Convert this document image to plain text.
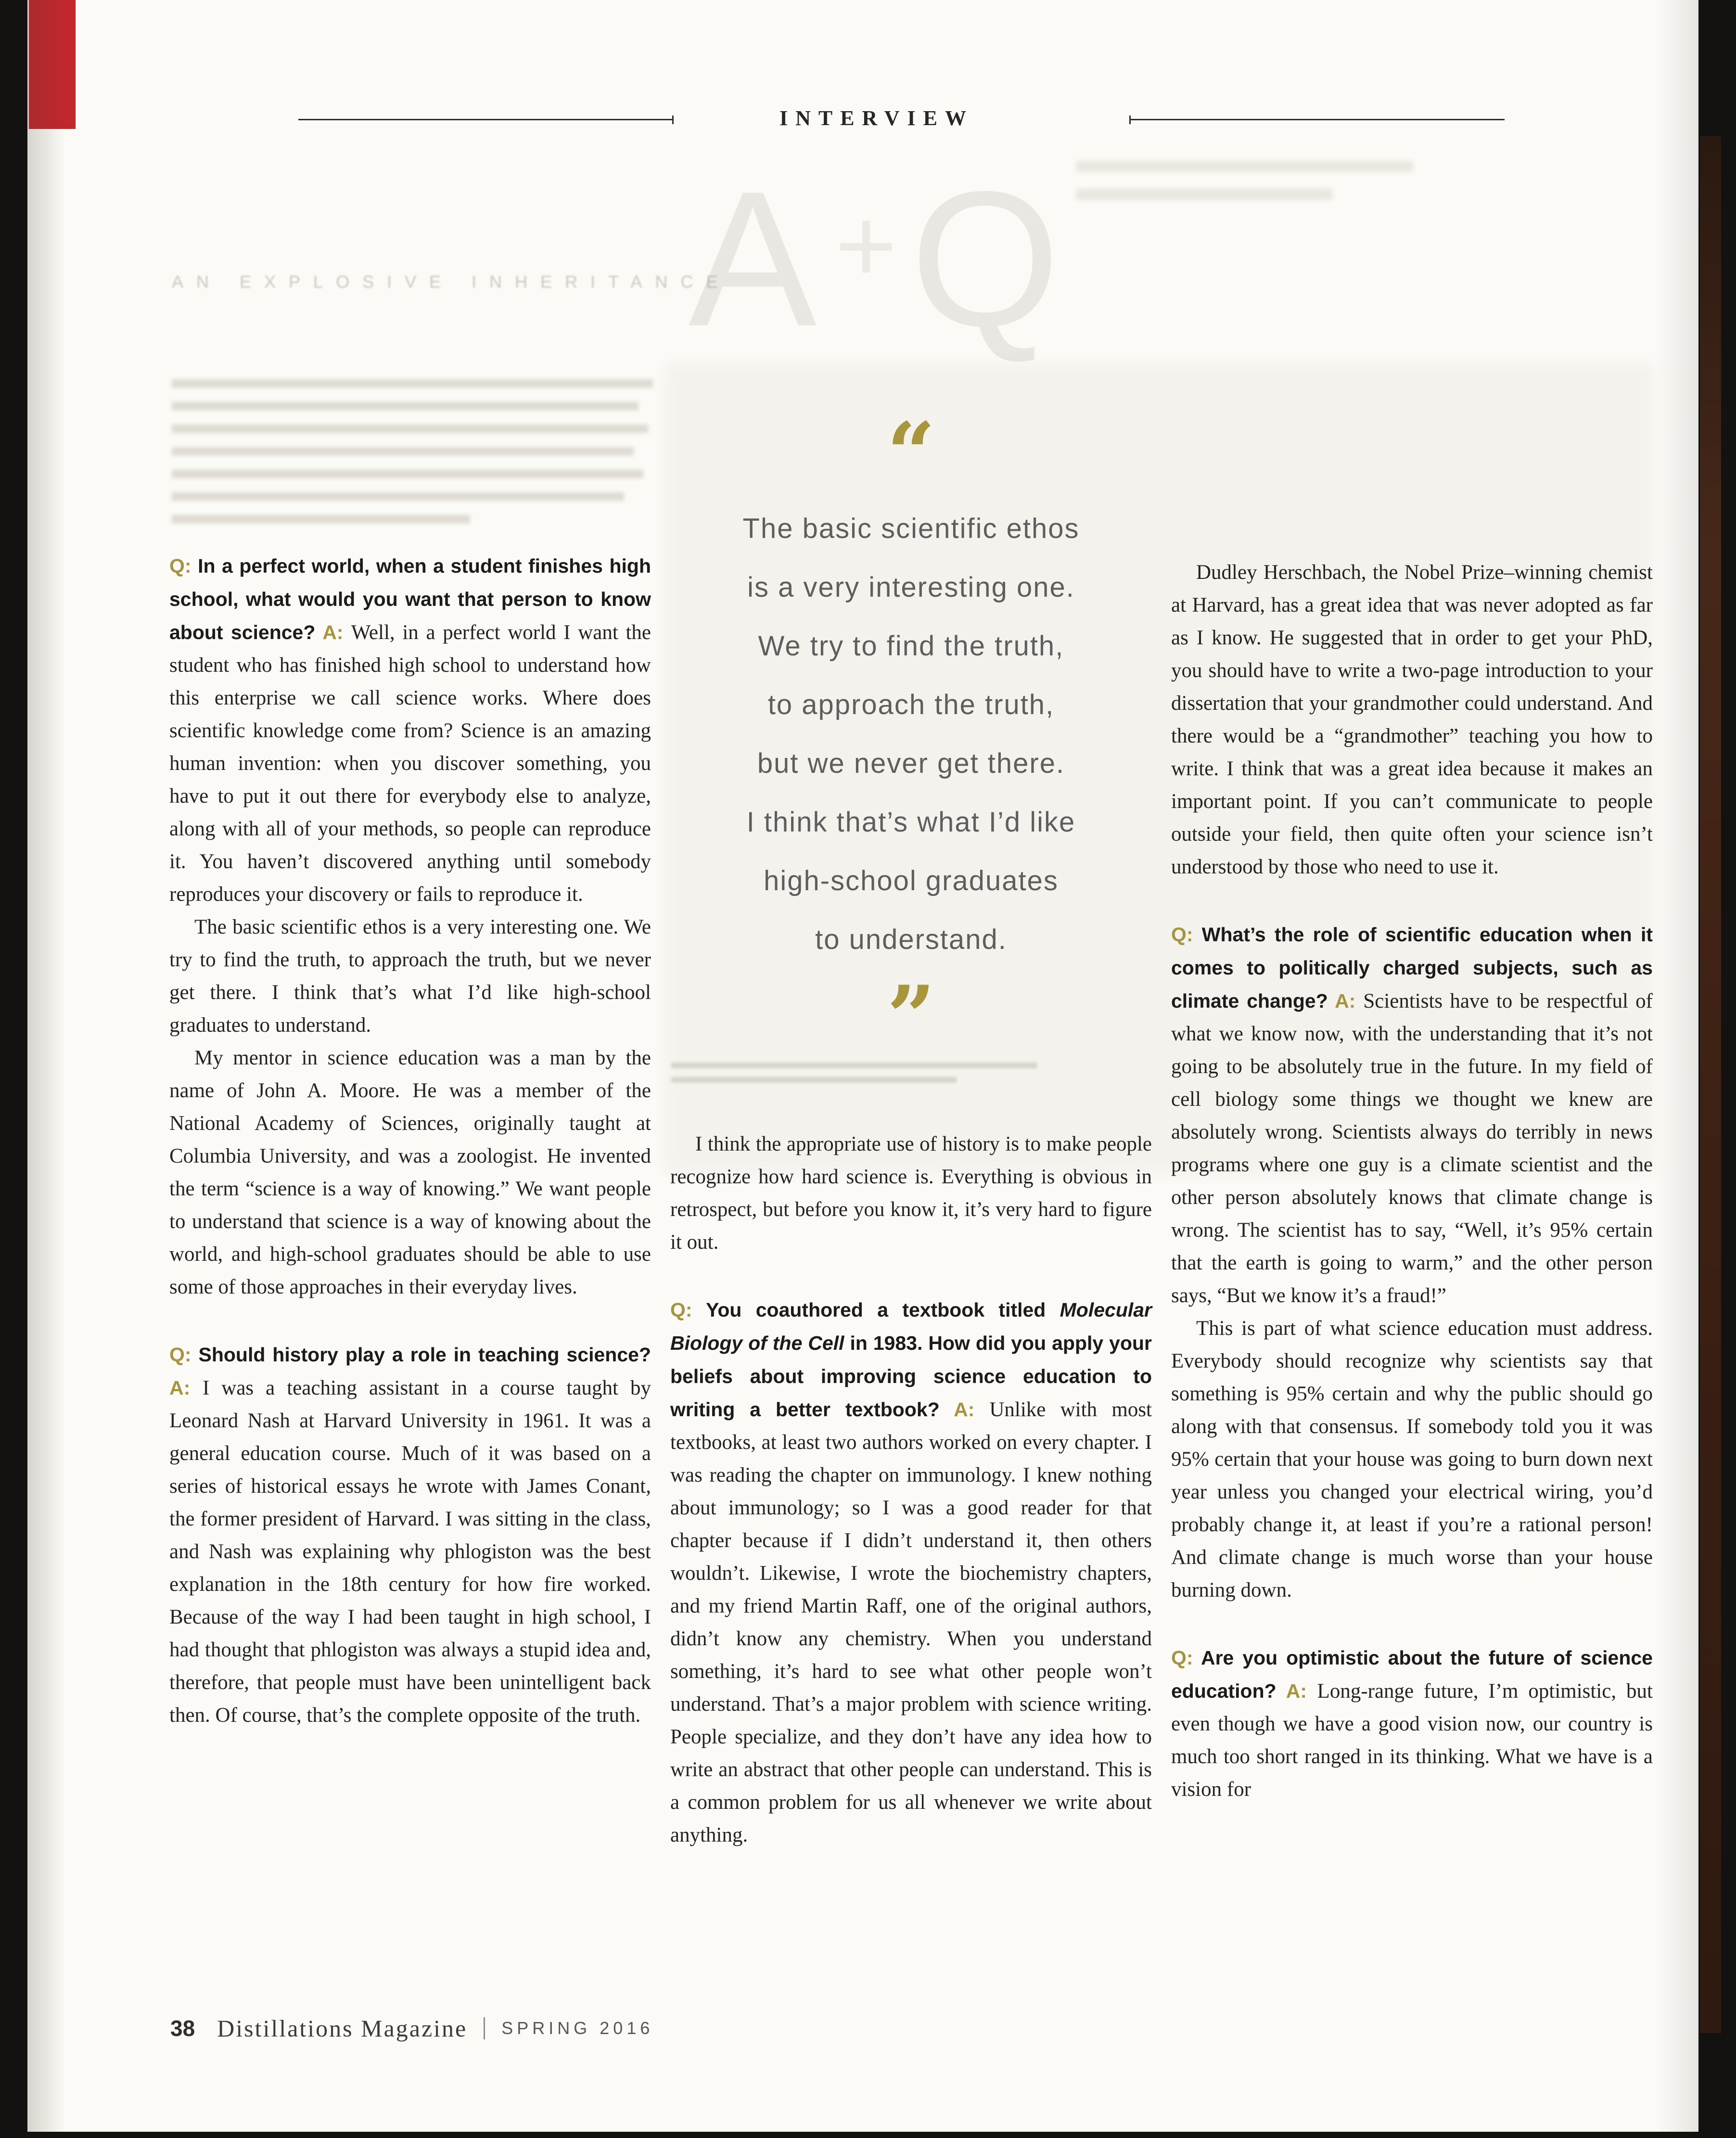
INTERVIEW
A +Q
AN EXPLOSIVE INHERITANCE

Q: In a perfect world, when a student finishes high school, what would you want that person to know about science? A: Well, in a perfect world I want the student who has finished high school to understand how this enterprise we call science works. Where does scientific knowledge come from? Science is an amazing human invention: when you discover something, you have to put it out there for everybody else to analyze, along with all of your methods, so people can reproduce it. You haven’t discovered anything until somebody reproduces your discovery or fails to reproduce it.

The basic scientific ethos is a very interesting one. We try to find the truth, to approach the truth, but we never get there. I think that’s what I’d like high-school graduates to understand.

My mentor in science education was a man by the name of John A. Moore. He was a member of the National Academy of Sciences, originally taught at Columbia University, and was a zoologist. He invented the term “science is a way of knowing.” We want people to understand that science is a way of knowing about the world, and high-school graduates should be able to use some of those approaches in their everyday lives.

Q: Should history play a role in teaching science? A: I was a teaching assistant in a course taught by Leonard Nash at Harvard University in 1961. It was a general education course. Much of it was based on a series of historical essays he wrote with James Conant, the former president of Harvard. I was sitting in the class, and Nash was explaining why phlogiston was the best explanation in the 18th century for how fire worked. Because of the way I had been taught in high school, I had thought that phlogiston was always a stupid idea and, therefore, that people must have been unintelligent back then. Of course, that’s the complete opposite of the truth.

“
The basic scientific ethos
is a very interesting one.
We try to find the truth,
to approach the truth,
but we never get there.
I think that’s what I’d like
high-school graduates
to understand.
”

I think the appropriate use of history is to make people recognize how hard science is. Everything is obvious in retrospect, but before you know it, it’s very hard to figure it out.

Q: You coauthored a textbook titled Molecular Biology of the Cell in 1983. How did you apply your beliefs about improving science education to writing a better textbook? A: Unlike with most textbooks, at least two authors worked on every chapter. I was reading the chapter on immunology. I knew nothing about immunology; so I was a good reader for that chapter because if I didn’t understand it, then others wouldn’t. Likewise, I wrote the biochemistry chapters, and my friend Martin Raff, one of the original authors, didn’t know any chemistry. When you understand something, it’s hard to see what other people won’t understand. That’s a major problem with science writing. People specialize, and they don’t have any idea how to write an abstract that other people can understand. This is a common problem for us all whenever we write about anything.

Dudley Herschbach, the Nobel Prize–winning chemist at Harvard, has a great idea that was never adopted as far as I know. He suggested that in order to get your PhD, you should have to write a two-page introduction to your dissertation that your grandmother could understand. And there would be a “grandmother” teaching you how to write. I think that was a great idea because it makes an important point. If you can’t communicate to people outside your field, then quite often your science isn’t understood by those who need to use it.

Q: What’s the role of scientific education when it comes to politically charged subjects, such as climate change? A: Scientists have to be respectful of what we know now, with the understanding that it’s not going to be absolutely true in the future. In my field of cell biology some things we thought we knew are absolutely wrong. Scientists always do terribly in news programs where one guy is a climate scientist and the other person absolutely knows that climate change is wrong. The scientist has to say, “Well, it’s 95% certain that the earth is going to warm,” and the other person says, “But we know it’s a fraud!”

This is part of what science education must address. Everybody should recognize why scientists say that something is 95% certain and why the public should go along with that consensus. If somebody told you it was 95% certain that your house was going to burn down next year unless you changed your electrical wiring, you’d probably change it, at least if you’re a rational person! And climate change is much worse than your house burning down.

Q: Are you optimistic about the future of science education? A: Long-range future, I’m optimistic, but even though we have a good vision now, our country is much too short ranged in its thinking. What we have is a vision for

38 Distillations Magazine SPRING 2016
